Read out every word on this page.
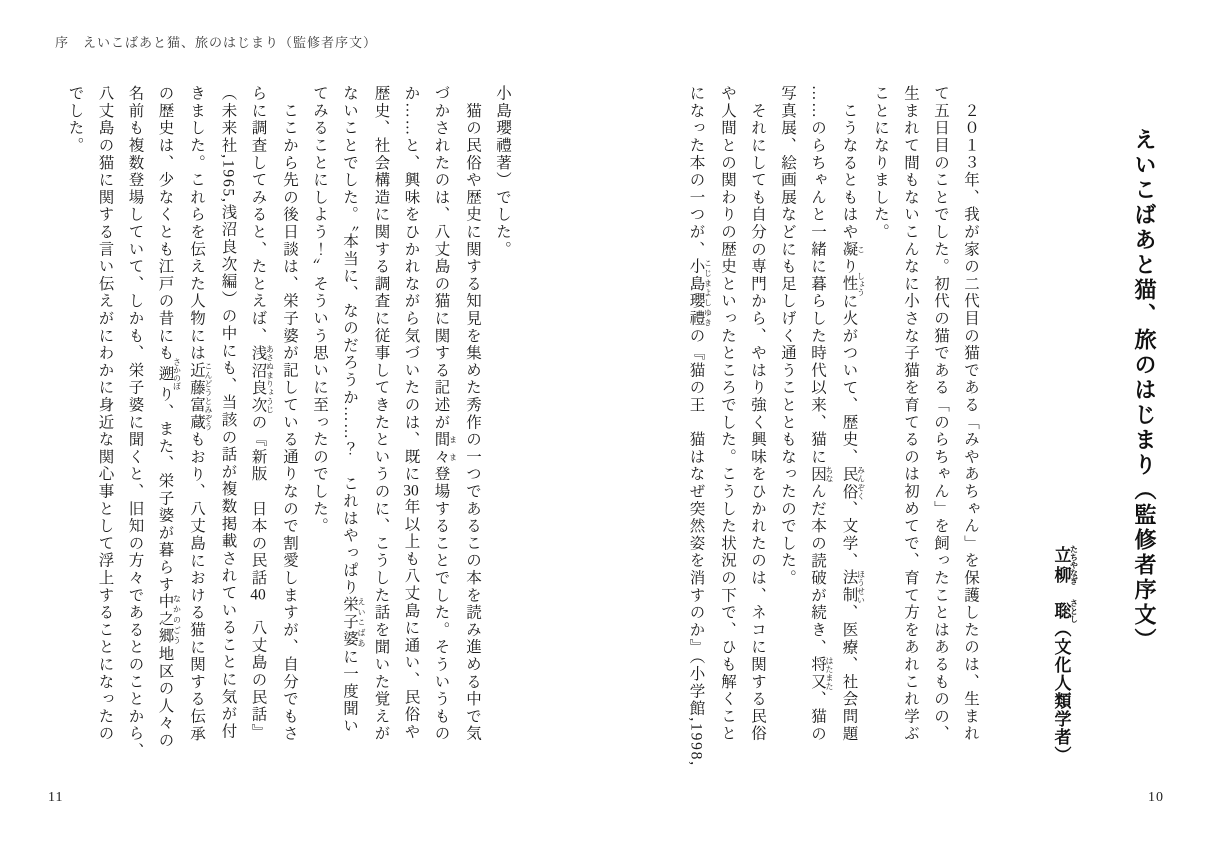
序　えいこばあと猫、旅のはじまり（監修者序文）
えいこばあと猫、旅のはじまり（監修者序文）
立柳 たちやなぎ　聡 さとし（文化人類学者）
　２０１３年、我が家の二代目の猫である「みやあちゃん」を保護したのは、生まれ
て五日目のことでした。初代の猫である「のらちゃん」を飼ったことはあるものの、
生まれて間もないこんなに小さな子猫を育てるのは初めてで、育て方をあれこれ学ぶ
ことになりました。
　こうなるともはや凝 こり性 しょうに火がついて、歴史、民俗 みんぞく、文学、法制 ほうせい、医療、社会問題
……のらちゃんと一緒に暮らした時代以来、猫に因 ちなんだ本の読破が続き、将又 はたまた、猫の
写真展、絵画展などにも足しげく通うことともなったのでした。
　それにしても自分の専門から、やはり強く興味をひかれたのは、ネコに関する民俗
や人間との関わりの歴史といったところでした。こうした状況の下で、ひも解くこと
になった本の一つが、小島瓔禮 こじまよしゆきの『猫の王　猫はなぜ突然姿を消すのか』（小学館,1998,
10
小島瓔禮著）でした。
　猫の民俗や歴史に関する知見を集めた秀作の一つであるこの本を読み進める中で気
づかされたのは、八丈島の猫に関する記述が間々 まま登場することでした。そういうもの
か……と、興味をひかれながら気づいたのは、既に30年以上も八丈島に通い、民俗や
歴史、社会構造に関する調査に従事してきたというのに、こうした話を聞いた覚えが
ないことでした。〝本当に、なのだろうか……？　これはやっぱり栄子婆 えいこばあに一度聞い
てみることにしよう！〟そういう思いに至ったのでした。
　ここから先の後日談は、栄子婆が記している通りなので割愛しますが、自分でもさ
らに調査してみると、たとえば、浅沼良次 あさぬまりょうじの『新版　日本の民話40　八丈島の民話』
（未来社,1965,浅沼良次編）の中にも、当該の話が複数掲載されていることに気が付
きました。これらを伝えた人物には近藤富蔵 こんどうとみぞうもおり、八丈島における猫に関する伝承
の歴史は、少なくとも江戸の昔にも遡 さかのぼり、また、栄子婆が暮らす中之郷 なかのごう地区の人々の
名前も複数登場していて、しかも、栄子婆に聞くと、旧知の方々であるとのことから、
八丈島の猫に関する言い伝えがにわかに身近な関心事として浮上することになったの
でした。
11
